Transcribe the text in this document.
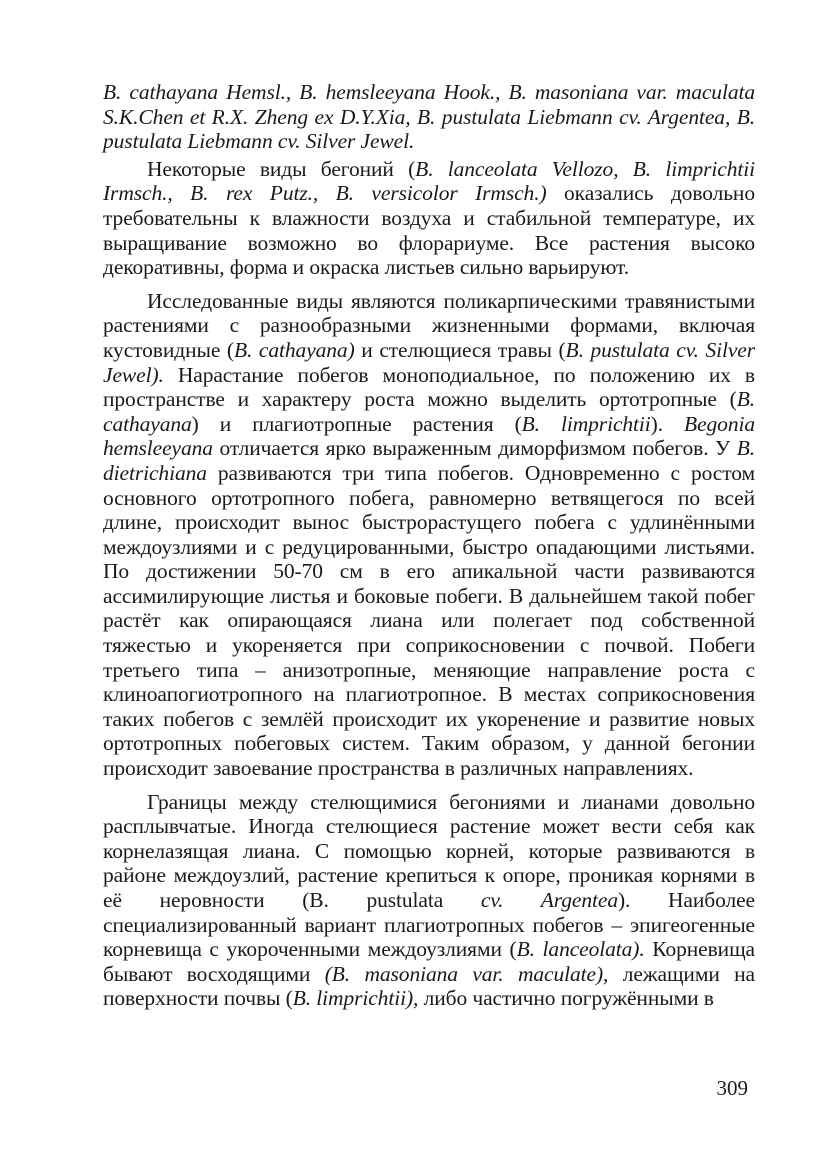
B. cathayana Hemsl., B. hemsleeyana Hook., B. masoniana var. maculata S.K.Chen et R.X. Zheng ex D.Y.Xia, B. pustulata Liebmann cv. Argentea, B. pustulata Liebmann cv. Silver Jewel.

Некоторые виды бегоний (B. lanceolata Vellozo, B. limprichtii Irmsch., B. rex Putz., B. versicolor Irmsch.) оказались довольно требовательны к влажности воздуха и стабильной температуре, их выращивание возможно во флорариуме. Все растения высоко декоративны, форма и окраска листьев сильно варьируют.

Исследованные виды являются поликарпическими травянистыми растениями с разнообразными жизненными формами, включая кустовидные (B. cathayana) и стелющиеся травы (B. pustulata cv. Silver Jewel). Нарастание побегов моноподиальное, по положению их в пространстве и характеру роста можно выделить ортотропные (B. cathayana) и плагиотропные растения (B. limprichtii). Begonia hemsleeyana отличается ярко выраженным диморфизмом побегов. У B. dietrichiana развиваются три типа побегов. Одновременно с ростом основного ортотропного побега, равномерно ветвящегося по всей длине, происходит вынос быстрорастущего побега с удлинёнными междоузлиями и с редуцированными, быстро опадающими листьями. По достижении 50-70 см в его апикальной части развиваются ассимилирующие листья и боковые побеги. В дальнейшем такой побег растёт как опирающаяся лиана или полегает под собственной тяжестью и укореняется при соприкосновении с почвой. Побеги третьего типа – анизотропные, меняющие направление роста с клиноапогиотропного на плагиотропное. В местах соприкосновения таких побегов с землёй происходит их укоренение и развитие новых ортотропных побеговых систем. Таким образом, у данной бегонии происходит завоевание пространства в различных направлениях.

Границы между стелющимися бегониями и лианами довольно расплывчатые. Иногда стелющиеся растение может вести себя как корнелазящая лиана. С помощью корней, которые развиваются в районе междоузлий, растение крепиться к опоре, проникая корнями в её неровности (B. pustulata cv. Argentea). Наиболее специализированный вариант плагиотропных побегов – эпигеогенные корневища с укороченными междоузлиями (B. lanceolata). Корневища бывают восходящими (B. masoniana var. maculate), лежащими на поверхности почвы (B. limprichtii), либо частично погружёнными в

309
